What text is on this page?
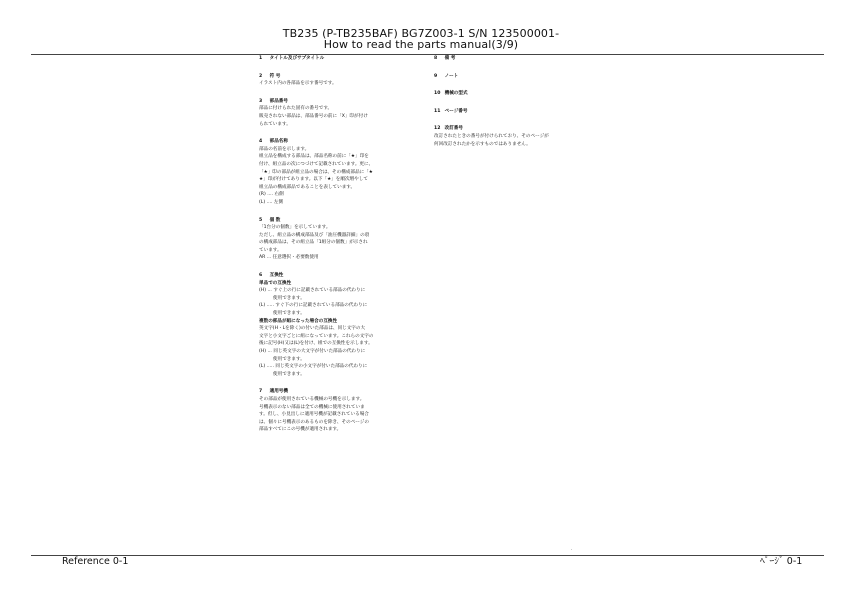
TB235 (P-TB235BAF) BG7Z003-1 S/N 123500001-
How to read the parts manual(3/9)
1 タイトル及びサブタイトル
2 符 号
イラスト内の各部品を示す番号です。
3 部品番号
部品に付けられた固有の番号です。
販売されない部品は、部品番号の前に「X」印が付け
られています。
4 部品名称
部品の名前を示します。
組立品を構成する部品は、部品名称の前に「★」印を
付け、組立品の次につづけて記載されています。更に、
「★」印の部品が組立品の場合は、その構成部品に「★
★」印が付けてあります。以下「★」を順次増やして
組立品の構成部品であることを表しています。
(R) .... 右側
(L) .... 左側
5 個 数
「1台分の個数」を示しています。
ただし、組立品の構成部品及び「油圧機器詳細」の項
の構成部品は、その組立品「1組分の個数」が示され
ています。
AR ... 任意選択・必要数使用
6 互換性
単品での互換性
(H) ... すぐ上の行に記載されている部品の代わりに
使用できます。
(L) ..... すぐ下の行に記載されている部品の代わりに
使用できます。
複数の部品が組になった場合の互換性
英文字(H・Lを除く)の付いた部品は、同じ文字の大
文字と小文字ごとに組になっています。これらの文字の
後に記号(H)又は(L)を付け、組での互換性を示します。
(H) ... 同じ英文字の大文字が付いた部品の代わりに
使用できます。
(L) ..... 同じ英文字の小文字が付いた部品の代わりに
使用できます。
7 適用号機
その部品が使用されている機械の号機を示します。
号機表示のない部品は全ての機械に使用されていま
す。但し、小見出しに適用号機が記載されている場合
は、個々に号機表示のあるものを除き、そのページの
部品すべてにこの号機が適用されます。
8 備 考
9 ノート
10 機械の型式
11 ページ番号
12 改訂番号
改訂されたときの番号が付けられており、そのページが
何回改訂されたかを示すものではありません。
Reference 0-1	ﾍﾟｰｼﾞ 0-1
